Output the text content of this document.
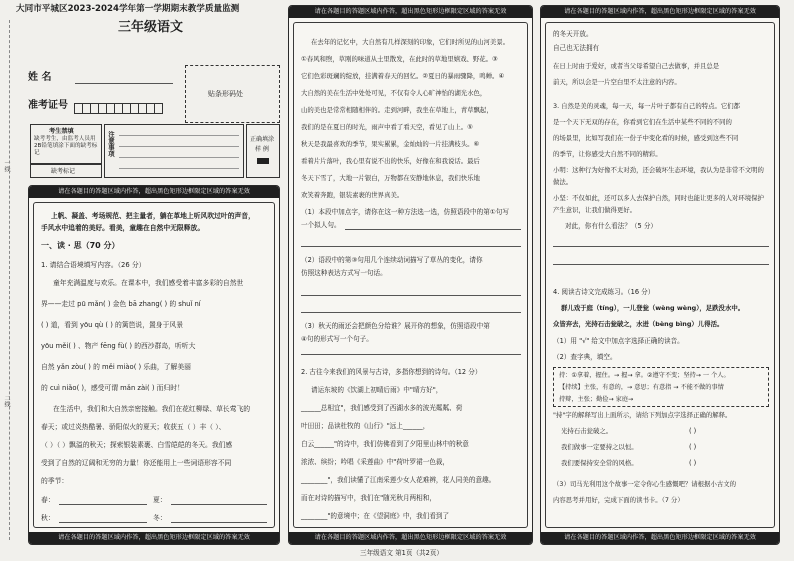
一线
二线
大同市平城区2023-2024学年第一学期期末教学质量监测
三年级语文
姓 名
准考证号
贴条形码处
考生禁填
缺考考生，由监考人员用2B铅笔填涂下面的缺考标记
缺考标记
注意事项	正确填涂
样 例
请在各题目的答题区域内作答，超出黑色矩形边框限定区域的答案无效
上帆、凝盖、考场规范、把主量者，躺在革地上听风吹过叶的声音，
手风水中追着的美好。看美，童趣在自然中无限释放。
一、读 · 思（70 分）
1. 请结合语境填写内容。（26 分）
童年充满温度与欢乐。在课本中，我们感受着丰富多彩的自然世
界——走过 pū mǎn( ) 金色 bā zhang( ) 的 shuǐ ní
( ) 道，看到 yōu qù ( ) 的篱笆说，置身于风景
yōu měi( ) 、物产 fēng fù( ) 的西沙群岛，听听大
自然 yǎn zòu( ) 的 měi miào( ) 乐曲，了解美丽
的 cuì niǎo( )，感受可谓 mǎn zài( ) 而归时！
在生活中，我们和大自然亲密接触。我们在花红柳绿、草长莺飞的
春天；或过炎热酷暑、骄阳似火的夏天；收获五（ ）丰（ ）、
（ ）（ ）飘溢的秋天；探索银装素裹、白雪皑皑的冬天。我们感
受到了自然的辽阔和无穷的力量！你还能用上一些词语形容不同
的季节：
春：	夏：
秋：	冬：
请在各题目的答题区域内作答，超出黑色矩形边框限定区域的答案无效
请在各题目的答题区域内作答，超出黑色矩形边框限定区域的答案无效
在去年的记忆中，大自然有几样深刻的印象，它们时所见的山河美景。
①春风和煦，草刚的味道从土里散发，在此时的草地里嬉戏、野花。③
它们色彩斑斓的绽放，挂满着春天的回忆。②夏日的暴雨骤降，鸣蝉。④
大自然的美在生活中处处可见，不仅有令人心旷神怡的湖光水色，
山的美也是常常相随相伴的。走到河畔，我坐在草地上，青草飘起，
我们的是在夏日的时光，雨声中看了看天空，看见了山上。⑤
秋天是我最喜欢的季节，果实累累，金灿灿的一片挂满枝头。⑥
看着片片落叶，我心里有说不出的快乐，好像在和我说话。最后
冬天下雪了，大地一片银白，万物都在安静地休息，我们快乐地
欢笑着奔跑，银装素裹的世界真美。
（1）本段中加点字，请你在这一种方法选一选，仿照语段中的第①句写
一个拟人句。
（2）语段中的第③句用几个连续动词描写了草丛的变化，请你
仿照这种表达方式写一句话。
（3）秋天的雨还会把颜色分给谁？展开你的想象，仿照语段中第
④句的形式写一个句子。
2. 古往今来我们的风景与古诗，多指你想到的诗句。（12 分）
请运东坡的《饮湖上初晴后雨》中"晴方好"，
______总相宜"，我们感受到了西湖水多的波光粼粼、荷
叶田田；品读杜牧的《山行》"远上______，
白云______"的诗中，我们仿佛看到了夕阳里山林中的秋意
浓浓、缤纷；吟唱《采莲曲》中"荷叶罗裙一色裁，
________"，我们读懂了江南采莲少女人花难辨，花人同美的意趣。
而在对诗的描写中，我们在"随光秋月两相和，
________"的意境中；在《望洞庭》中，我们看到了
请在各题目的答题区域内作答，超出黑色矩形边框限定区域的答案无效
请在各题目的答题区域内作答，超出黑色矩形边框限定区域的答案无效
的冬天开放。
自己也无法拥有
在日上时由于爱好，或者当父母希望自己去做事，并且总是
前天，所以会是一片空白里不太注意的内容。
3. 自然是美的灵魂，每一天，每一片叶子都有自己的特点。它们都
是一个天下无双的存在，你看到它们在生活中某些不同的不同的
的场景里，比如写我们在一份子中变化看的时候，感受到这些不同
的季节，让你感受大自然不同的精彩。
小明：这种行为好像不太对劲，还会破坏生态环境，我认为是非常不文明的做法。
小坚：不仅如此，还可以多人去保护自然，同时也能让更多的人对环境保护产生意识，让我们做得更好。
对此，你有什么看法？（5 分）
4. 阅读古诗文完成练习。（16 分）
群儿戏于庭（tíng），一儿登瓮（wèng wèng），足跌没水中。
众皆弃去，光持石击瓮破之，水迸（bèng bìng）儿得活。
（1）用 "√" 给文中加点字选择正确的读音。
（2）查字典，填空。
持：①拿着，握住。→ 握→ 拿。②遵守不变；坚持→ 一 个人。
【持续】主张，有意的，→ 意思；有意指 → 不能不做的事情
持辩，主张；勤俭→ 家庭→
"持"字的解释写出上面所示，请给下列加点字选择正确的解释。
光持石击瓮破之。	( )
我们做事一定要持之以恒。	( )
我们要保持安全常的风格。	( )
（3）司马光利用这个故事一定令你心生感慨吧？请根据小古文的
内容思考并用好，完成下面的读书卡。（7 分）
请在各题目的答题区域内作答，超出黑色矩形边框限定区域的答案无效
三年级语文 第1页（共2页）
